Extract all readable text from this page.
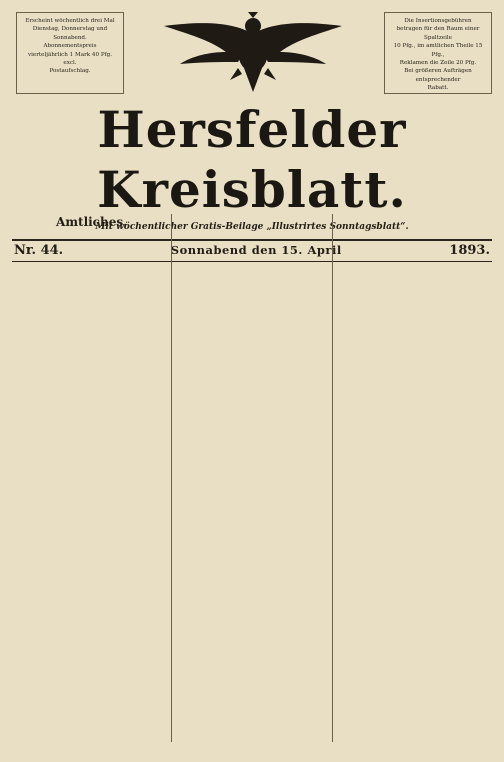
Erscheint wöchentlich drei Mal

Dienstag, Donnerstag und Sonnabend.

Abonnementspreis

vierteljährlich 1 Mark 40 Pfg. excl.

Postaufschlag.

Die Insertionsgebühren

betragen für den Raum einer Spaltzeile

10 Pfg., im amtlichen Theile 15 Pfg.,

Reklamen die Zeile 20 Pfg.

Bei größeren Aufträgen entsprechender

Rabatt.

Hersfelder Kreisblatt.

Mit wöchentlicher Gratis-Beilage „Illustrirtes Sonntagsblatt“.

Nr. 44.	Sonnabend den 15. April	1893.
Amtliches.
